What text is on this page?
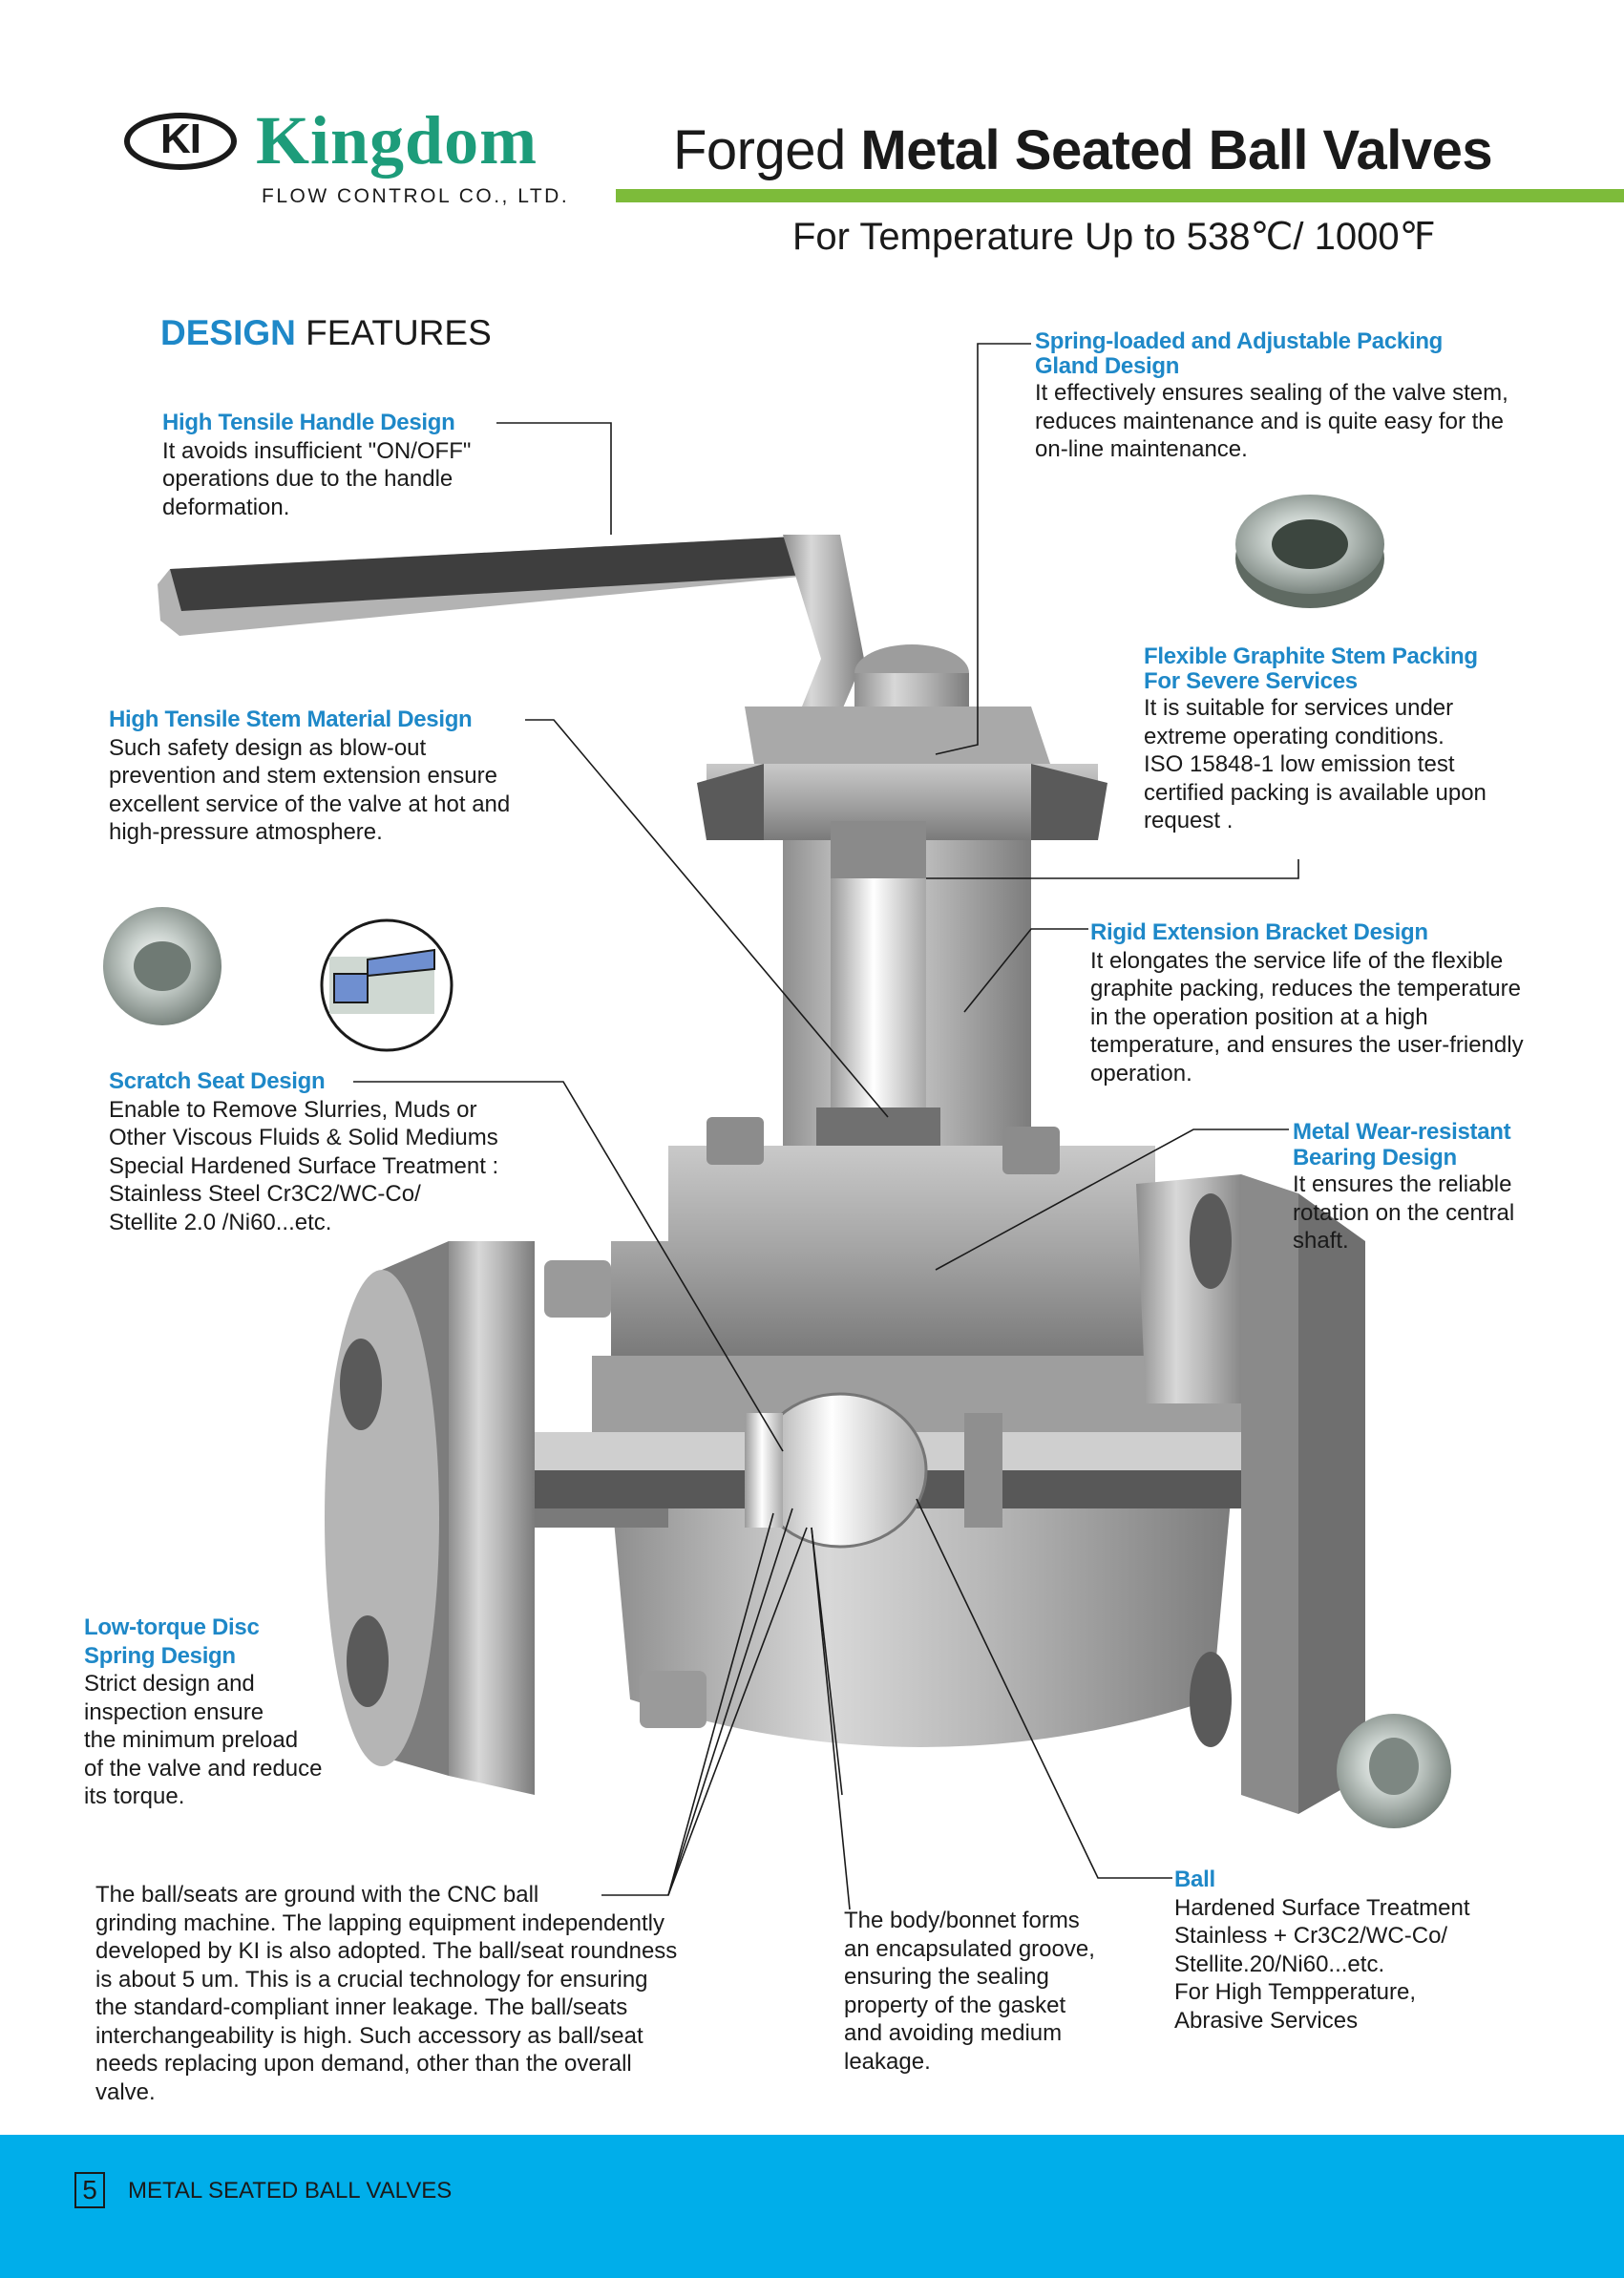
KI Kingdom
FLOW CONTROL CO., LTD.
Forged Metal Seated Ball Valves
For Temperature Up to 538℃/ 1000℉
DESIGN FEATURES
High Tensile Handle Design
It avoids insufficient "ON/OFF"
operations due to the handle
deformation.
High Tensile Stem Material Design
Such safety design as blow-out
prevention and stem extension ensure
excellent service of the valve at hot and
high-pressure atmosphere.
Scratch Seat Design
Enable to Remove Slurries, Muds or
Other Viscous Fluids & Solid Mediums
Special Hardened Surface Treatment :
Stainless Steel Cr3C2/WC-Co/
Stellite 2.0 /Ni60...etc.
Low-torque Disc
Spring Design
Strict design and
inspection ensure
the minimum preload
of the valve and reduce
its torque.
Spring-loaded and Adjustable Packing
Gland Design
It effectively ensures sealing of the valve stem,
reduces maintenance and is quite easy for the
on-line maintenance.
Flexible Graphite Stem Packing
For Severe Services
It is suitable for services under
extreme operating conditions.
ISO 15848-1 low emission test
certified packing is available upon
request .
Rigid Extension Bracket Design
It elongates the service life of the flexible
graphite packing, reduces the temperature
in the operation position at a high
temperature, and ensures the user-friendly
operation.
Metal Wear-resistant
Bearing Design
It ensures the reliable
rotation on the central
shaft.
Ball
Hardened Surface Treatment
Stainless + Cr3C2/WC-Co/
Stellite.20/Ni60...etc.
For High Tempperature,
Abrasive Services
The ball/seats are ground with the CNC ball
grinding machine. The lapping equipment independently
developed by KI is also adopted. The ball/seat roundness
is about 5 um. This is a crucial technology for ensuring
the standard-compliant inner leakage. The ball/seats
interchangeability is high. Such accessory as ball/seat
needs replacing upon demand, other than the overall
valve.
The body/bonnet forms
an encapsulated groove,
ensuring the sealing
property of the gasket
and avoiding medium
leakage.
5	METAL SEATED BALL VALVES
